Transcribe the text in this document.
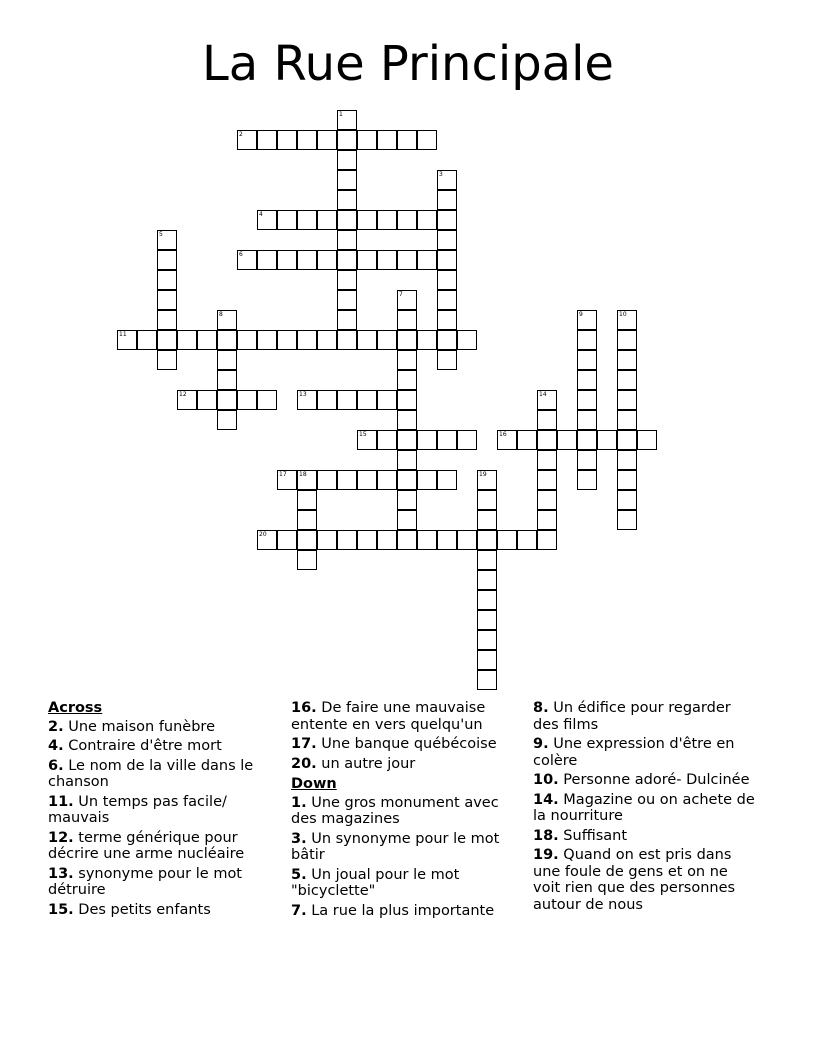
La Rue Principale
1
2
3
4
5
6
7
8	9	10
11
12	13	14
15	16
17 18	19
20
Across
2. Une maison funèbre
4. Contraire d'être mort
6. Le nom de la ville dans le chanson
11. Un temps pas facile/ mauvais
12. terme générique pour décrire une arme nucléaire
13. synonyme pour le mot détruire
15. Des petits enfants
16. De faire une mauvaise entente en vers quelqu'un
17. Une banque québécoise
20. un autre jour
Down
1. Une gros monument avec des magazines
3. Un synonyme pour le mot bâtir
5. Un joual pour le mot "bicyclette"
7. La rue la plus importante
8. Un édifice pour regarder des films
9. Une expression d'être en colère
10. Personne adoré- Dulcinée
14. Magazine ou on achete de la nourriture
18. Suffisant
19. Quand on est pris dans une foule de gens et on ne voit rien que des personnes autour de nous
